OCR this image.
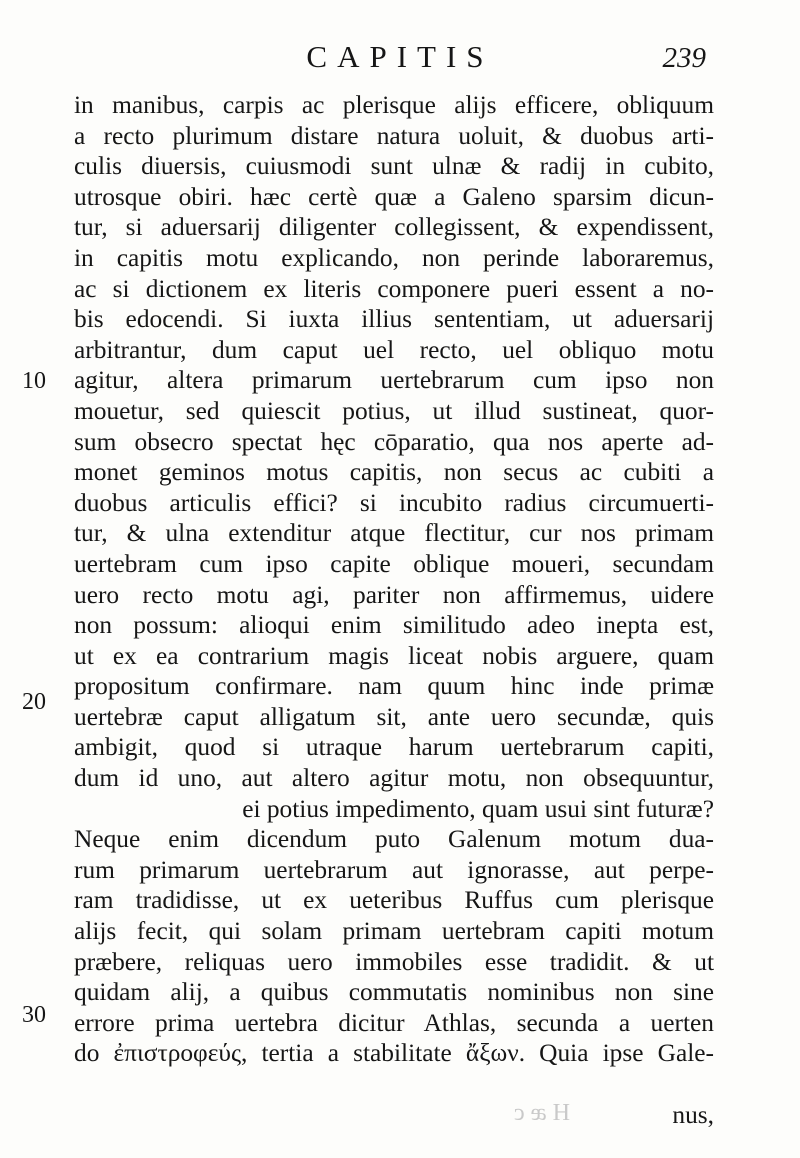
CAPITIS	239
10
20
30
in manibus, carpis ac plerisque alijs efficere, obliquum
a recto plurimum distare natura uoluit, & duobus arti-
culis diuersis, cuiusmodi sunt ulnæ & radij in cubito,
utrosque obiri. hæc certè quæ a Galeno sparsim dicun-
tur, si aduersarij diligenter collegissent, & expendissent,
in capitis motu explicando, non perinde laboraremus,
ac si dictionem ex literis componere pueri essent a no-
bis edocendi. Si iuxta illius sententiam, ut aduersarij
arbitrantur, dum caput uel recto, uel obliquo motu
agitur, altera primarum uertebrarum cum ipso non
mouetur, sed quiescit potius, ut illud sustineat, quor-
sum obsecro spectat hęc cōparatio, qua nos aperte ad-
monet geminos motus capitis, non secus ac cubiti a
duobus articulis effici? si incubito radius circumuerti-
tur, & ulna extenditur atque flectitur, cur nos primam
uertebram cum ipso capite oblique moueri, secundam
uero recto motu agi, pariter non affirmemus, uidere
non possum: alioqui enim similitudo adeo inepta est,
ut ex ea contrarium magis liceat nobis arguere, quam
propositum confirmare. nam quum hinc inde primæ
uertebræ caput alligatum sit, ante uero secundæ, quis
ambigit, quod si utraque harum uertebrarum capiti,
dum id uno, aut altero agitur motu, non obsequuntur,
ei potius impedimento, quam usui sint futuræ?
Neque enim dicendum puto Galenum motum dua-
rum primarum uertebrarum aut ignorasse, aut perpe-
ram tradidisse, ut ex ueteribus Ruffus cum plerisque
alijs fecit, qui solam primam uertebram capiti motum
præbere, reliquas uero immobiles esse tradidit. & ut
quidam alij, a quibus commutatis nominibus non sine
errore prima uertebra dicitur Athlas, secunda a uerten
do ἐπιστροφεύς, tertia a stabilitate ἄξων. Quia ipse Gale-
Hæc	nus,
